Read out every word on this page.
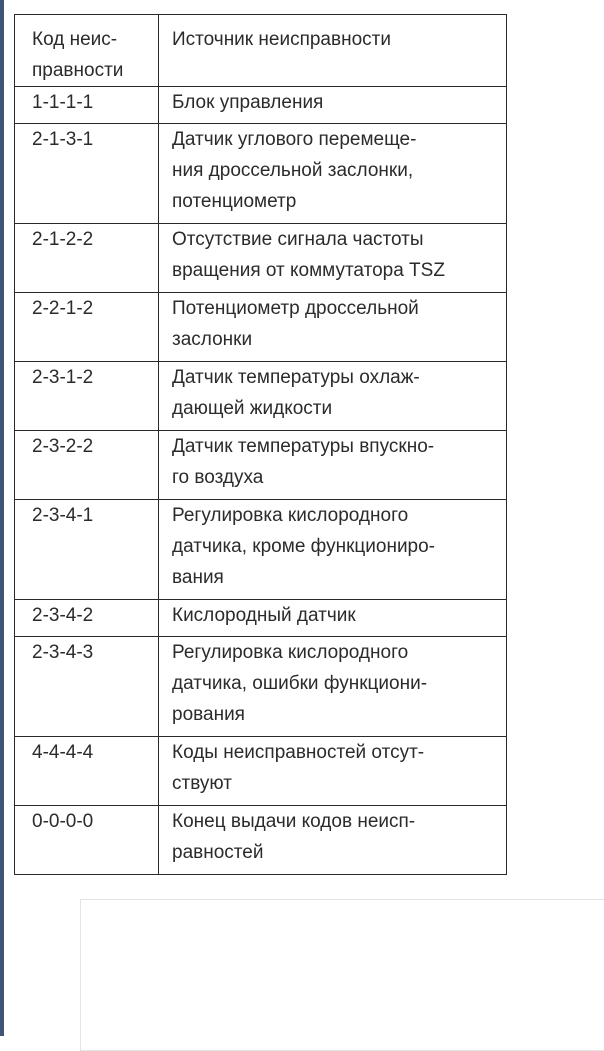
Код неис-
правности	Источник неисправности
1-1-1-1	Блок управления
2-1-3-1	Датчик углового перемеще-
ния дроссельной заслонки,
потенциометр
2-1-2-2	Отсутствие сигнала частоты
вращения от коммутатора TSZ
2-2-1-2	Потенциометр дроссельной
заслонки
2-3-1-2	Датчик температуры охлаж-
дающей жидкости
2-3-2-2	Датчик температуры впускно-
го воздуха
2-3-4-1	Регулировка кислородного
датчика, кроме функциониро-
вания
2-3-4-2	Кислородный датчик
2-3-4-3	Регулировка кислородного
датчика, ошибки функциони-
рования
4-4-4-4	Коды неисправностей отсут-
ствуют
0-0-0-0	Конец выдачи кодов неисп-
равностей
